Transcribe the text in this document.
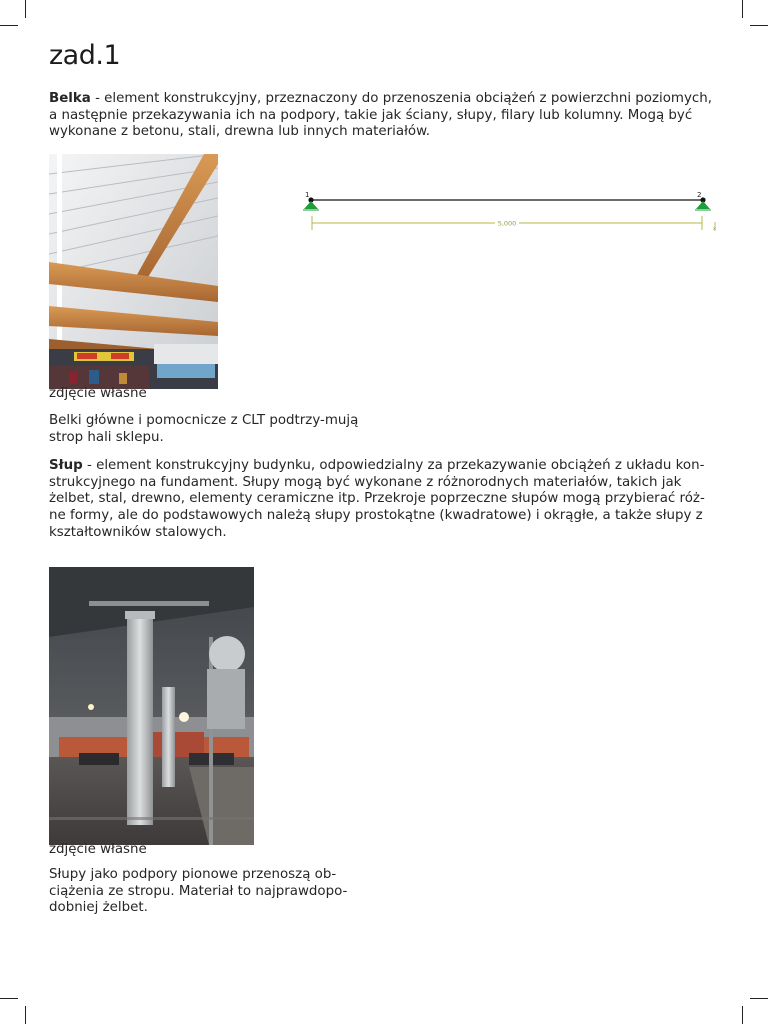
zad.1

Belka - element konstrukcyjny, przeznaczony do przenoszenia obciążeń z powierzchni poziomych, a następnie przekazywania ich na podpory, takie jak ściany, słupy, filary lub kolumny. Mogą być wykonane z betonu, stali, drewna lub innych materiałów.

zdjęcie własne

Belki główne i pomocnicze z CLT podtrzy-mują strop hali sklepu.

1	2
5,000
x

Słup - element konstrukcyjny budynku, odpowiedzialny za przekazywanie obciążeń z układu kon-strukcyjnego na fundament. Słupy mogą być wykonane z różnorodnych materiałów, takich jak żelbet, stal, drewno, elementy ceramiczne itp. Przekroje poprzeczne słupów mogą przybierać róż-ne formy, ale do podstawowych należą słupy prostokątne (kwadratowe) i okrągłe, a także słupy z kształtowników stalowych.

zdjęcie własne

Słupy jako podpory pionowe przenoszą ob-ciążenia ze stropu. Materiał to najprawdopo-dobniej żelbet.
